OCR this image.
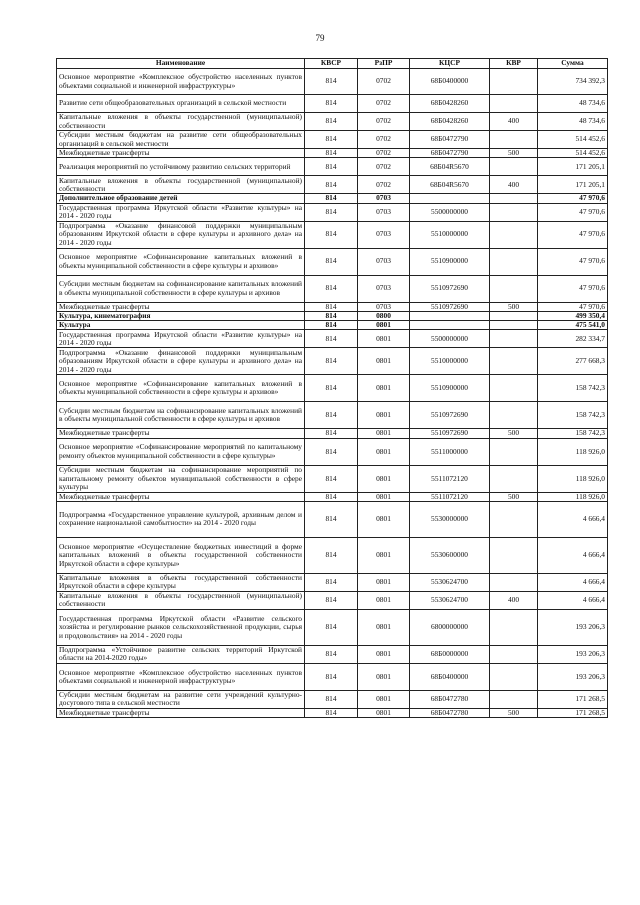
79
Наименование	КВСР	РзПР	КЦСР	КВР	Сумма
Основное мероприятие «Комплексное обустройство населенных пунктов объектами социальной и инженерной инфраструктуры»	814	0702	68Б0400000		734 392,3
Развитие сети общеобразовательных организаций в сельской местности	814	0702	68Б0428260		48 734,6
Капитальные вложения в объекты государственной (муниципальной) собственности	814	0702	68Б0428260	400	48 734,6
Субсидии местным бюджетам на развитие сети общеобразовательных организаций в сельской местности	814	0702	68Б0472790		514 452,6
Межбюджетные трансферты	814	0702	68Б0472790	500	514 452,6
Реализация мероприятий по устойчивому развитию сельских территорий	814	0702	68Б04R5670		171 205,1
Капитальные вложения в объекты государственной (муниципальной) собственности	814	0702	68Б04R5670	400	171 205,1
Дополнительное образование детей	814	0703			47 970,6
Государственная программа Иркутской области «Развитие культуры» на 2014 - 2020 годы	814	0703	5500000000		47 970,6
Подпрограмма «Оказание финансовой поддержки муниципальным образованиям Иркутской области в сфере культуры и архивного дела» на 2014 - 2020 годы	814	0703	5510000000		47 970,6
Основное мероприятие «Софинансирование капитальных вложений в объекты муниципальной собственности в сфере культуры и архивов»	814	0703	5510900000		47 970,6
Субсидии местным бюджетам на софинансирование капитальных вложений в объекты муниципальной собственности в сфере культуры и архивов	814	0703	5510972690		47 970,6
Межбюджетные трансферты	814	0703	5510972690	500	47 970,6
Культура, кинематография	814	0800			499 350,4
Культура	814	0801			475 541,0
Государственная программа Иркутской области «Развитие культуры» на 2014 - 2020 годы	814	0801	5500000000		282 334,7
Подпрограмма «Оказание финансовой поддержки муниципальным образованиям Иркутской области в сфере культуры и архивного дела» на 2014 - 2020 годы	814	0801	5510000000		277 668,3
Основное мероприятие «Софинансирование капитальных вложений в объекты муниципальной собственности в сфере культуры и архивов»	814	0801	5510900000		158 742,3
Субсидии местным бюджетам на софинансирование капитальных вложений в объекты муниципальной собственности в сфере культуры и архивов	814	0801	5510972690		158 742,3
Межбюджетные трансферты	814	0801	5510972690	500	158 742,3
Основное мероприятие «Софинансирование мероприятий по капитальному ремонту объектов муниципальной собственности в сфере культуры»	814	0801	5511000000		118 926,0
Субсидии местным бюджетам на софинансирование мероприятий по капитальному ремонту объектов муниципальной собственности в сфере культуры	814	0801	5511072120		118 926,0
Межбюджетные трансферты	814	0801	5511072120	500	118 926,0
Подпрограмма «Государственное управление культурой, архивным делом и сохранение национальной самобытности» на 2014 - 2020 годы	814	0801	5530000000		4 666,4
Основное мероприятие «Осуществление бюджетных инвестиций в форме капитальных вложений в объекты государственной собственности Иркутской области в сфере культуры»	814	0801	5530600000		4 666,4
Капитальные вложения в объекты государственной собственности Иркутской области в сфере культуры	814	0801	5530624700		4 666,4
Капитальные вложения в объекты государственной (муниципальной) собственности	814	0801	5530624700	400	4 666,4
Государственная программа Иркутской области «Развитие сельского хозяйства и регулирование рынков сельскохозяйственной продукции, сырья и продовольствия» на 2014 - 2020 годы	814	0801	6800000000		193 206,3
Подпрограмма «Устойчивое развитие сельских территорий Иркутской области на 2014-2020 годы»	814	0801	68Б0000000		193 206,3
Основное мероприятие «Комплексное обустройство населенных пунктов объектами социальной и инженерной инфраструктуры»	814	0801	68Б0400000		193 206,3
Субсидии местным бюджетам на развитие сети учреждений культурно-досугового типа в сельской местности	814	0801	68Б0472780		171 268,5
Межбюджетные трансферты	814	0801	68Б0472780	500	171 268,5
